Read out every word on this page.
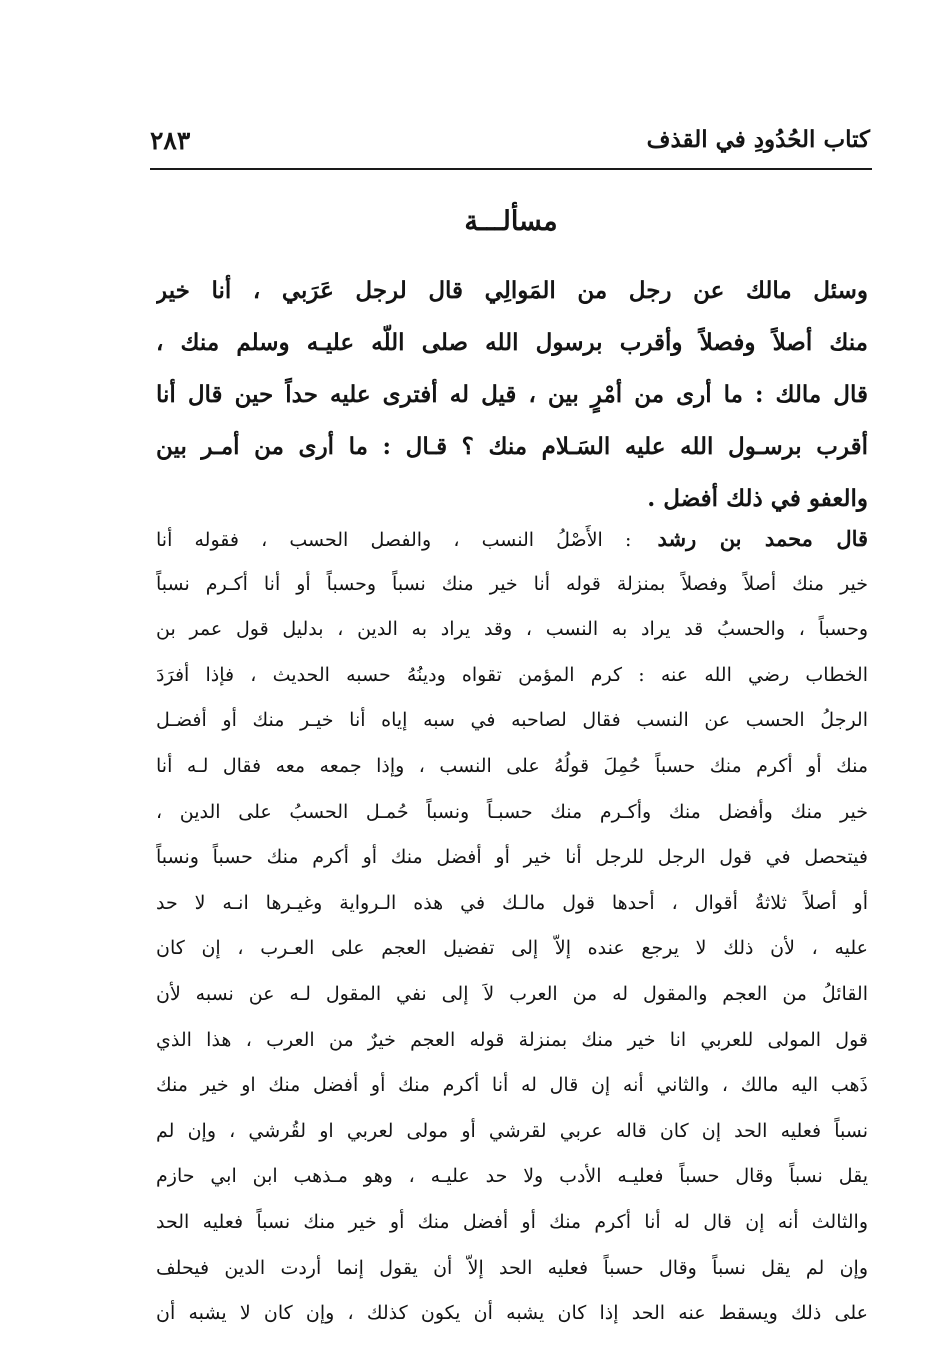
كتاب الحُدُودِ في القذف
٢٨٣
مسألـــة
وسئل مالك عن رجل من المَوالِي قال لرجل عَرَبي ، أنا خير
منك أصلاً وفصلاً وأقرب برسول الله صلى اللّه عليـه وسلم منك ،
قال مالك : ما أرى من أمْرٍ بين ، قيل له أفترى عليه حداً حين قال أنا
أقرب برسـول الله عليه السَـلام منك ؟ قـال : ما أرى من أمـر بين
والعفو في ذلك أفضل .
قال محمد بن رشد : الأَصْلُ النسب ، والفصل الحسب ، فقوله أنا
خير منك أصلاً وفصلاً بمنزلة قوله أنا خير منك نسباً وحسباً أو أنا أكـرم نسباً
وحسباً ، والحسبُ قد يراد به النسب ، وقد يراد به الدين ، بدليل قول عمر بن
الخطاب رضي الله عنه : كرم المؤمن تقواه ودينُهُ حسبه الحديث ، فإذا أفرَدَ
الرجلُ الحسب عن النسب فقال لصاحبه في سبه إياه أنا خيـر منك أو أفضـل
منك أو أكرم منك حسباً حُمِلَ قولُهُ على النسب ، وإذا جمعه معه فقال لـه أنا
خير منك وأفضل منك وأكـرم منك حسبـاً ونسباً حُمـل الحسبُ على الدين ،
فيتحصل في قول الرجل للرجل أنا خير أو أفضل منك أو أكرم منك حسباً ونسباً
أو أصلاً ثلاثةُ أقوال ، أحدها قول مالـك في هذه الـرواية وغيـرها انـه لا حد
عليه ، لأن ذلك لا يرجع عنده إلاّ إلى تفضيل العجم على العـرب ، إن كان
القائلُ من العجم والمقول له من العرب لاَ إلى نفي المقول لـه عن نسبه لأن
قول المولى للعربي انا خير منك بمنزلة قوله العجم خيرٌ من العرب ، هذا الذي
ذَهب اليه مالك ، والثاني أنه إن قال له أنا أكرم منك أو أفضل منك او خير منك
نسباً فعليه الحد إن كان قاله عربي لقرشي أو مولى لعربي او لقُرشي ، وإن لم
يقل نسباً وقال حسباً فعليـه الأدب ولا حد عليـه ، وهو مـذهب ابن ابي حازم
والثالث أنه إن قال له أنا أكرم منك أو أفضل منك أو خير منك نسباً فعليه الحد
وإن لم يقل نسباً وقال حسباً فعليه الحد إلاّ أن يقول إنما أردت الدين فيحلف
على ذلك ويسقط عنه الحد إذا كان يشبه أن يكون كذلك ، وإن كان لا يشبه أن
